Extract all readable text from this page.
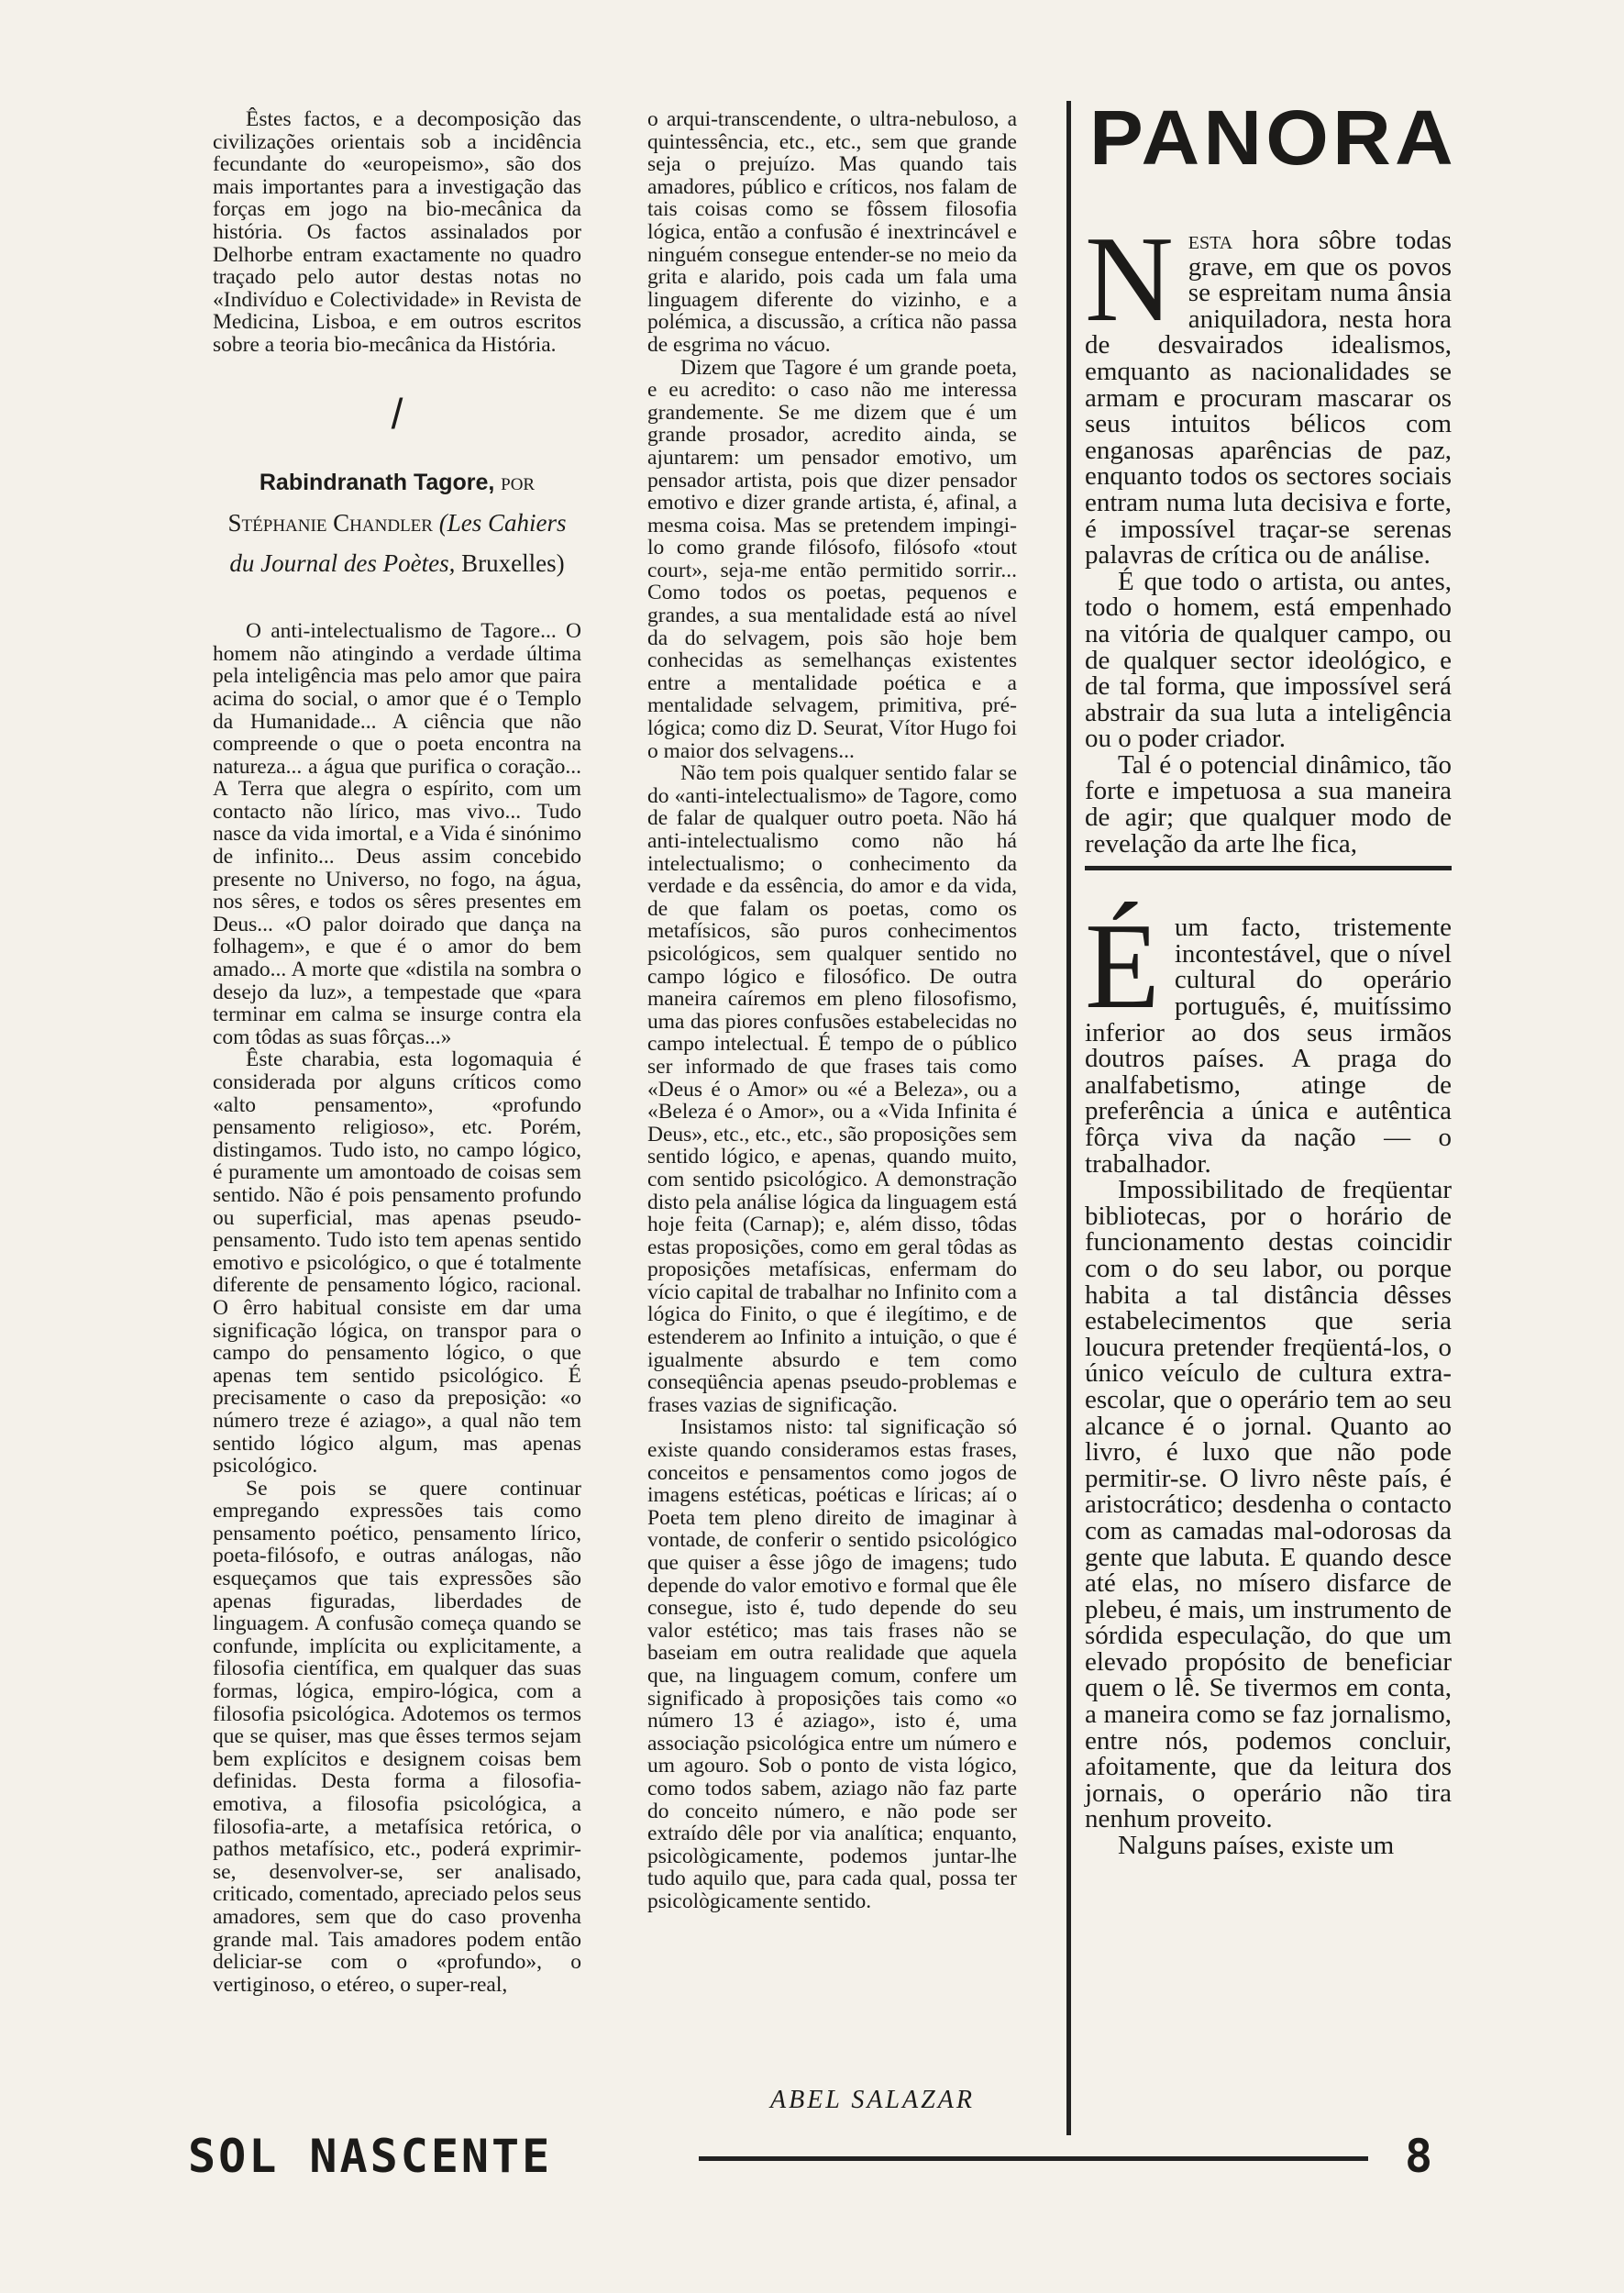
PANORA

Êstes factos, e a decomposição das civilizações orientais sob a incidência fecundante do «europeismo», são dos mais importantes para a investigação das forças em jogo na bio-mecânica da história. Os factos assinalados por Delhorbe entram exactamente no quadro traçado pelo autor destas notas no «Indivíduo e Colectividade» in Revista de Medicina, Lisboa, e em outros escritos sobre a teoria bio-mecânica da História.

/
Rabindranath Tagore, por Stéphanie Chandler (Les Cahiers du Journal des Poètes, Bruxelles)

O anti-intelectualismo de Tagore... O homem não atingindo a verdade última pela inteligência mas pelo amor que paira acima do social, o amor que é o Templo da Humanidade... A ciência que não compreende o que o poeta encontra na natureza... a água que purifica o coração... A Terra que alegra o espírito, com um contacto não lírico, mas vivo... Tudo nasce da vida imortal, e a Vida é sinónimo de infinito... Deus assim concebido presente no Universo, no fogo, na água, nos sêres, e todos os sêres presentes em Deus... «O palor doirado que dança na folhagem», e que é o amor do bem amado... A morte que «distila na sombra o desejo da luz», a tempestade que «para terminar em calma se insurge contra ela com tôdas as suas fôrças...»

Êste charabia, esta logomaquia é considerada por alguns críticos como «alto pensamento», «profundo pensamento religioso», etc. Porém, distingamos. Tudo isto, no campo lógico, é puramente um amontoado de coisas sem sentido. Não é pois pensamento profundo ou superficial, mas apenas pseudo-pensamento. Tudo isto tem apenas sentido emotivo e psicológico, o que é totalmente diferente de pensamento lógico, racional. O êrro habitual consiste em dar uma significação lógica, on transpor para o campo do pensamento lógico, o que apenas tem sentido psicológico. É precisamente o caso da preposição: «o número treze é aziago», a qual não tem sentido lógico algum, mas apenas psicológico.

Se pois se quere continuar empregando expressões tais como pensamento poético, pensamento lírico, poeta-filósofo, e outras análogas, não esqueçamos que tais expressões são apenas figuradas, liberdades de linguagem. A confusão começa quando se confunde, implícita ou explicitamente, a filosofia científica, em qualquer das suas formas, lógica, empiro-lógica, com a filosofia psicológica. Adotemos os termos que se quiser, mas que êsses termos sejam bem explícitos e designem coisas bem definidas. Desta forma a filosofia-emotiva, a filosofia psicológica, a filosofia-arte, a metafísica retórica, o pathos metafísico, etc., poderá exprimir-se, desenvolver-se, ser analisado, criticado, comentado, apreciado pelos seus amadores, sem que do caso provenha grande mal. Tais amadores podem então deliciar-se com o «profundo», o vertiginoso, o etéreo, o super-real,

o arqui-transcendente, o ultra-nebuloso, a quintessência, etc., etc., sem que grande seja o prejuízo. Mas quando tais amadores, público e críticos, nos falam de tais coisas como se fôssem filosofia lógica, então a confusão é inextrincável e ninguém consegue entender-se no meio da grita e alarido, pois cada um fala uma linguagem diferente do vizinho, e a polémica, a discussão, a crítica não passa de esgrima no vácuo.

Dizem que Tagore é um grande poeta, e eu acredito: o caso não me interessa grandemente. Se me dizem que é um grande prosador, acredito ainda, se ajuntarem: um pensador emotivo, um pensador artista, pois que dizer pensador emotivo e dizer grande artista, é, afinal, a mesma coisa. Mas se pretendem impingi-lo como grande filósofo, filósofo «tout court», seja-me então permitido sorrir... Como todos os poetas, pequenos e grandes, a sua mentalidade está ao nível da do selvagem, pois são hoje bem conhecidas as semelhanças existentes entre a mentalidade poética e a mentalidade selvagem, primitiva, pré-lógica; como diz D. Seurat, Vítor Hugo foi o maior dos selvagens...

Não tem pois qualquer sentido falar se do «anti-intelectualismo» de Tagore, como de falar de qualquer outro poeta. Não há anti-intelectualismo como não há intelectualismo; o conhecimento da verdade e da essência, do amor e da vida, de que falam os poetas, como os metafísicos, são puros conhecimentos psicológicos, sem qualquer sentido no campo lógico e filosófico. De outra maneira caíremos em pleno filosofismo, uma das piores confusões estabelecidas no campo intelectual. É tempo de o público ser informado de que frases tais como «Deus é o Amor» ou «é a Beleza», ou a «Beleza é o Amor», ou a «Vida Infinita é Deus», etc., etc., etc., são proposições sem sentido lógico, e apenas, quando muito, com sentido psicológico. A demonstração disto pela análise lógica da linguagem está hoje feita (Carnap); e, além disso, tôdas estas proposições, como em geral tôdas as proposições metafísicas, enfermam do vício capital de trabalhar no Infinito com a lógica do Finito, o que é ilegítimo, e de estenderem ao Infinito a intuição, o que é igualmente absurdo e tem como conseqüência apenas pseudo-problemas e frases vazias de significação.

Insistamos nisto: tal significação só existe quando consideramos estas frases, conceitos e pensamentos como jogos de imagens estéticas, poéticas e líricas; aí o Poeta tem pleno direito de imaginar à vontade, de conferir o sentido psicológico que quiser a êsse jôgo de imagens; tudo depende do valor emotivo e formal que êle consegue, isto é, tudo depende do seu valor estético; mas tais frases não se baseiam em outra realidade que aquela que, na linguagem comum, confere um significado à proposições tais como «o número 13 é aziago», isto é, uma associação psicológica entre um número e um agouro. Sob o ponto de vista lógico, como todos sabem, aziago não faz parte do conceito número, e não pode ser extraído dêle por via analítica; enquanto, psicològicamente, podemos juntar-lhe tudo aquilo que, para cada qual, possa ter psicològicamente sentido.

ABEL SALAZAR

N esta hora sôbre todas grave, em que os povos se espreitam numa ânsia aniquiladora, nesta hora de desvairados idealismos, emquanto as nacionalidades se armam e procuram mascarar os seus intuitos bélicos com enganosas aparências de paz, enquanto todos os sectores sociais entram numa luta decisiva e forte, é impossível traçar-se serenas palavras de crítica ou de análise.

É que todo o artista, ou antes, todo o homem, está empenhado na vitória de qualquer campo, ou de qualquer sector ideológico, e de tal forma, que impossível será abstrair da sua luta a inteligência ou o poder criador.

Tal é o potencial dinâmico, tão forte e impetuosa a sua maneira de agir; que qualquer modo de revelação da arte lhe fica,

É um facto, tristemente incontestável, que o nível cultural do operário português, é, muitíssimo inferior ao dos seus irmãos doutros países. A praga do analfabetismo, atinge de preferência a única e autêntica fôrça viva da nação — o trabalhador.

Impossibilitado de freqüentar bibliotecas, por o horário de funcionamento destas coincidir com o do seu labor, ou porque habita a tal distância dêsses estabelecimentos que seria loucura pretender freqüentá-los, o único veículo de cultura extra-escolar, que o operário tem ao seu alcance é o jornal. Quanto ao livro, é luxo que não pode permitir-se. O livro nêste país, é aristocrático; desdenha o contacto com as camadas mal-odorosas da gente que labuta. E quando desce até elas, no mísero disfarce de plebeu, é mais, um instrumento de sórdida especulação, do que um elevado propósito de beneficiar quem o lê. Se tivermos em conta, a maneira como se faz jornalismo, entre nós, podemos concluir, afoitamente, que da leitura dos jornais, o operário não tira nenhum proveito.

Nalguns países, existe um

SOL NASCENTE	8
